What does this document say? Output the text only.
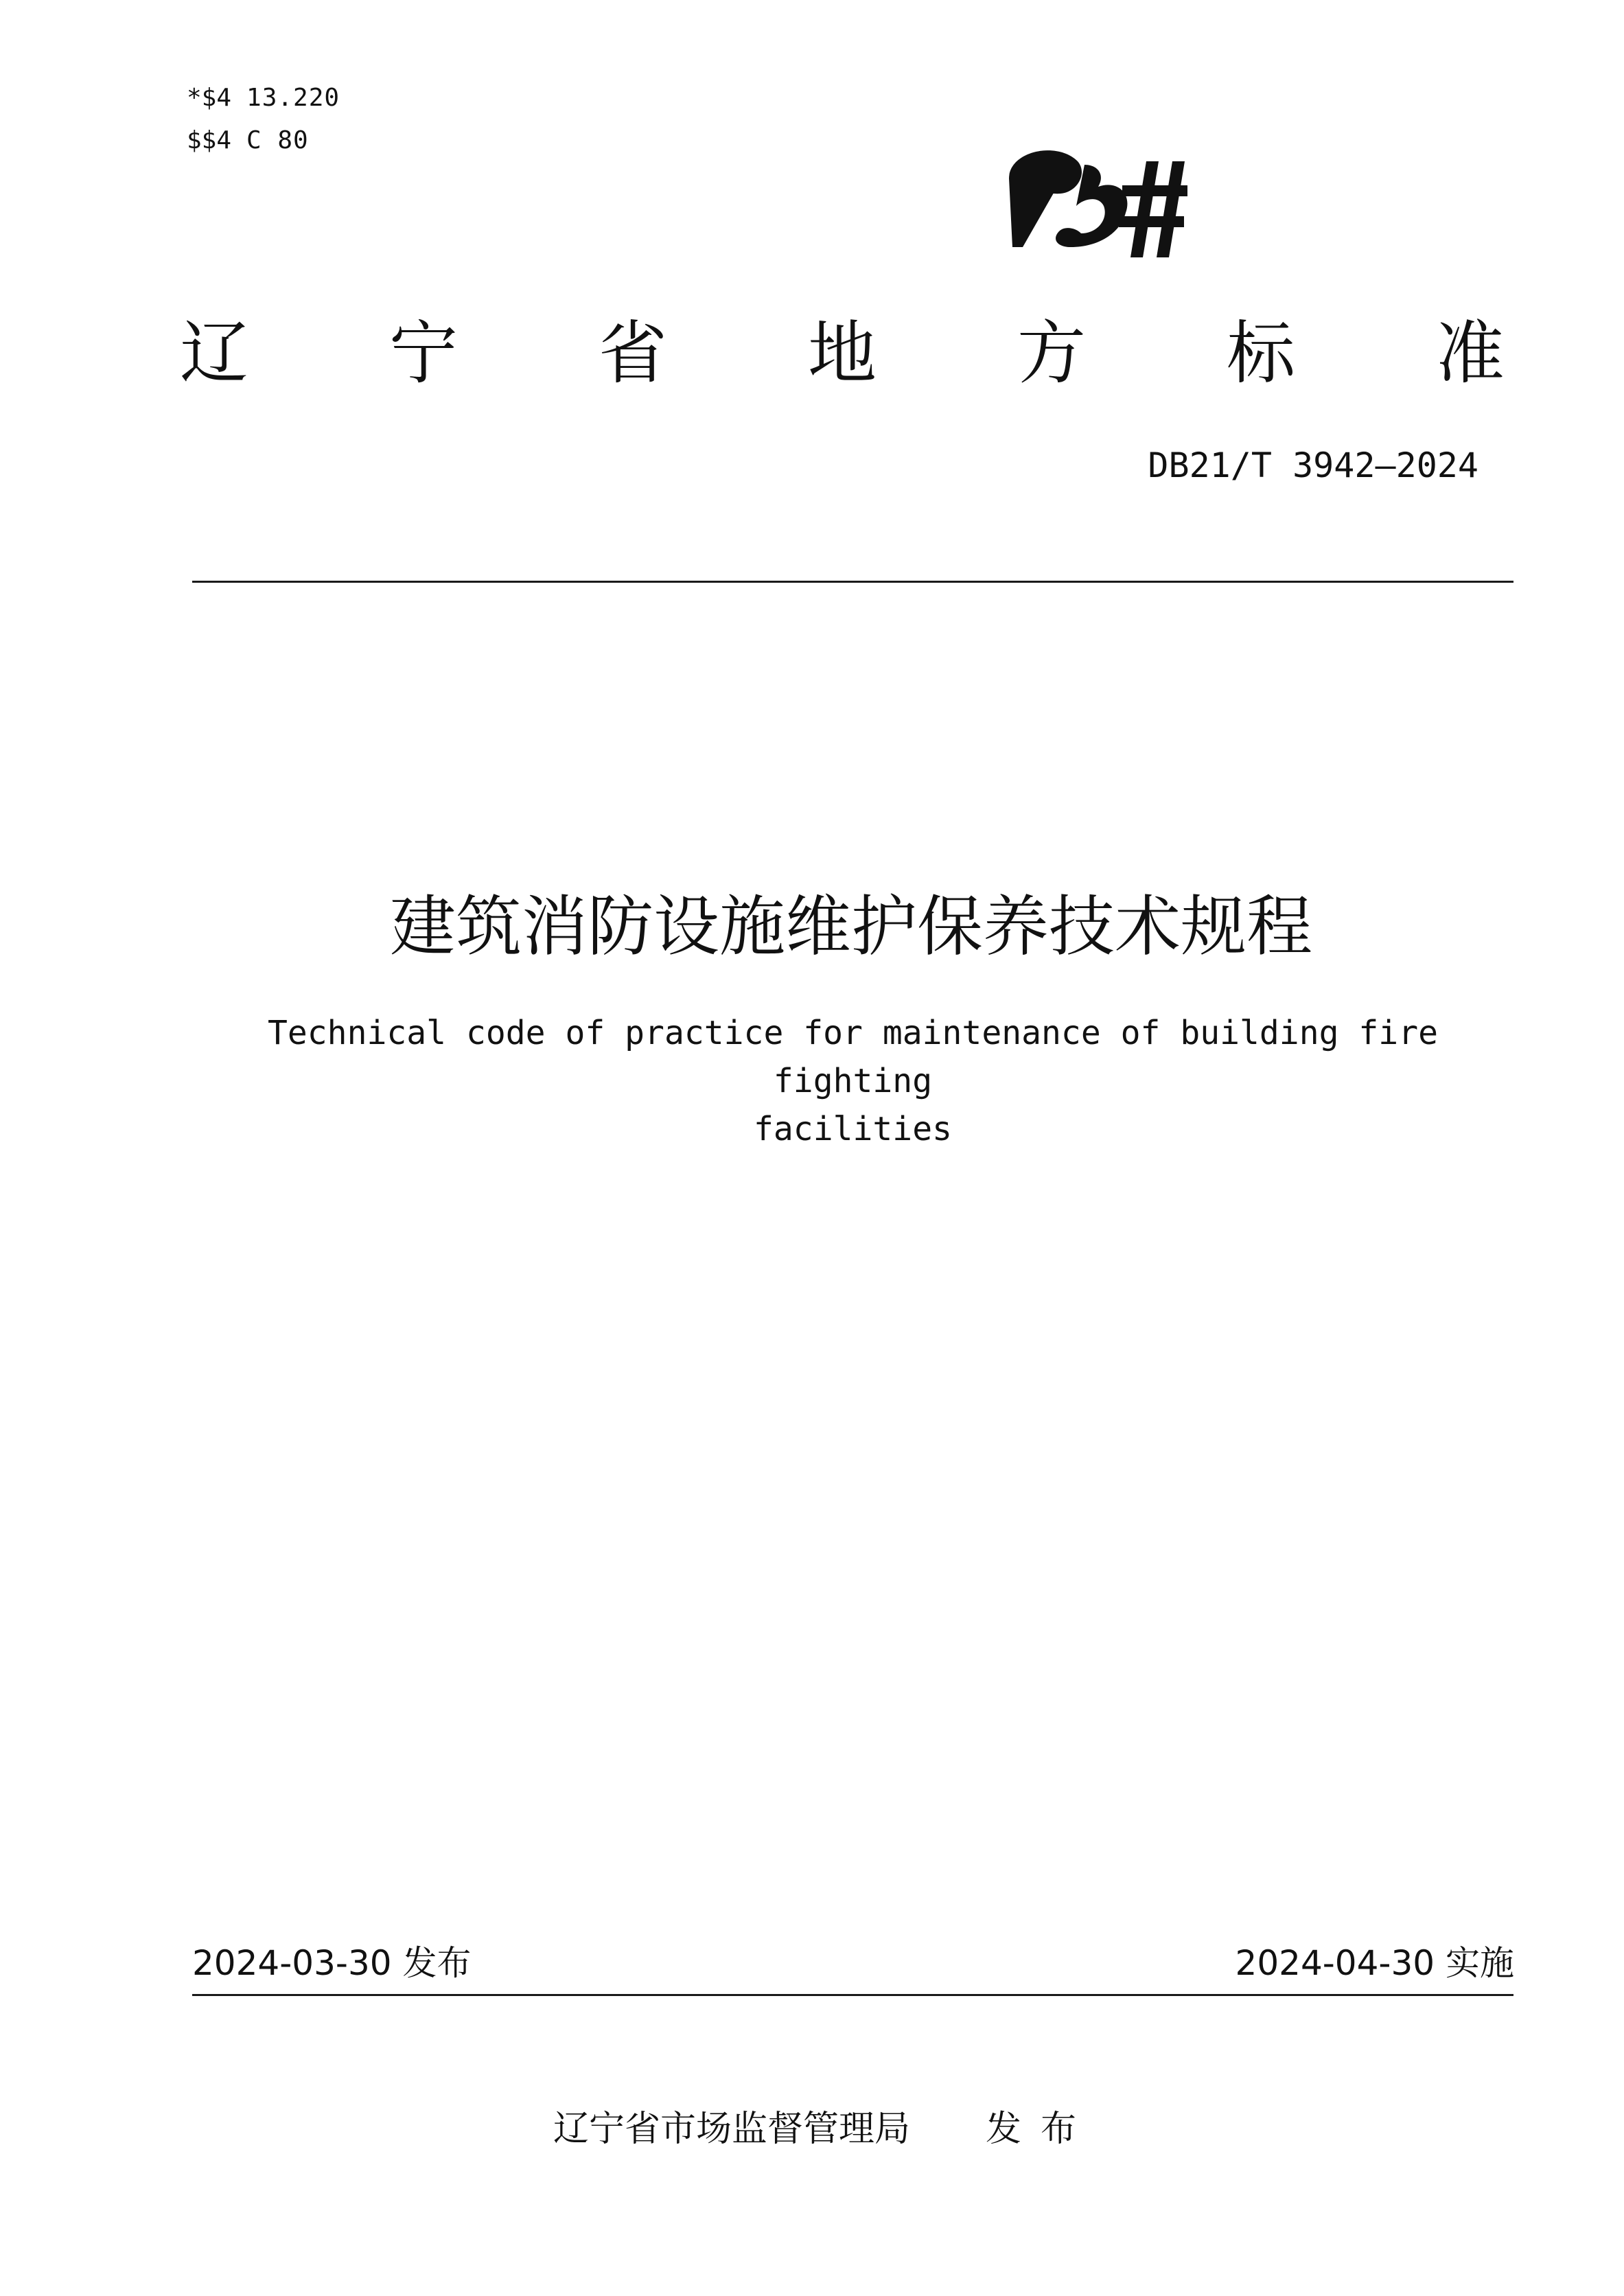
*$4 13.220
$$4 C 80
辽 宁 省 地 方 标 准
DB21/T 3942—2024
建筑消防设施维护保养技术规程
Technical code of practice for maintenance of building fire fighting
facilities
2024-03-30 发布	2024-04-30 实施
辽宁省市场监督管理局 发布
